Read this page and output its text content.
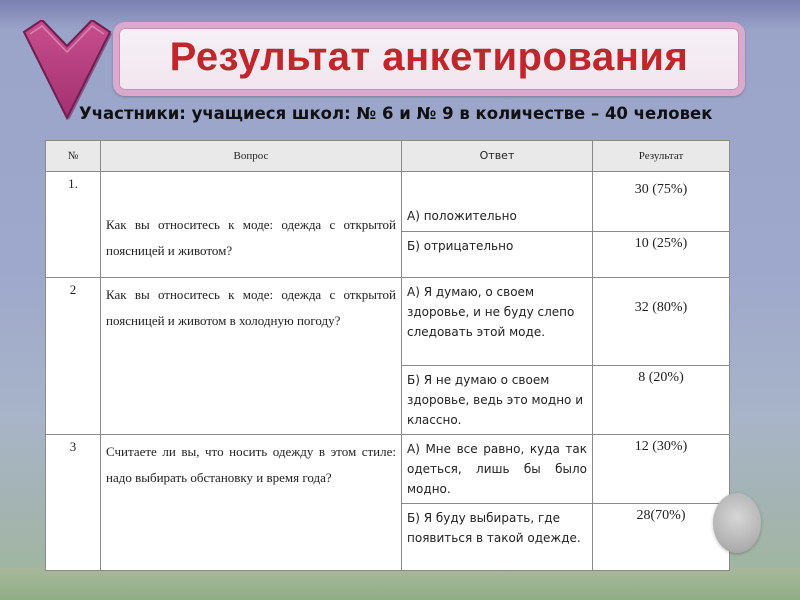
Результат анкетирования
Участники: учащиеся школ: № 6 и № 9 в количестве – 40 человек
№	Вопрос	Ответ	Результат
1.	Как вы относитесь к моде: одежда с открытой поясницей и животом?	А) положительно	30 (75%)
		Б) отрицательно	10 (25%)
2	Как вы относитесь к моде: одежда с открытой поясницей и животом в холодную погоду?	А) Я думаю, о своем здоровье, и не буду слепо следовать этой моде.	32 (80%)
		Б) Я не думаю о своем здоровье, ведь это модно и классно.	8 (20%)
3	Считаете ли вы, что носить одежду в этом стиле: надо выбирать обстановку и время года?	А) Мне все равно, куда так одеться, лишь бы было модно.	12 (30%)
		Б) Я буду выбирать, где появиться в такой одежде.	28(70%)
